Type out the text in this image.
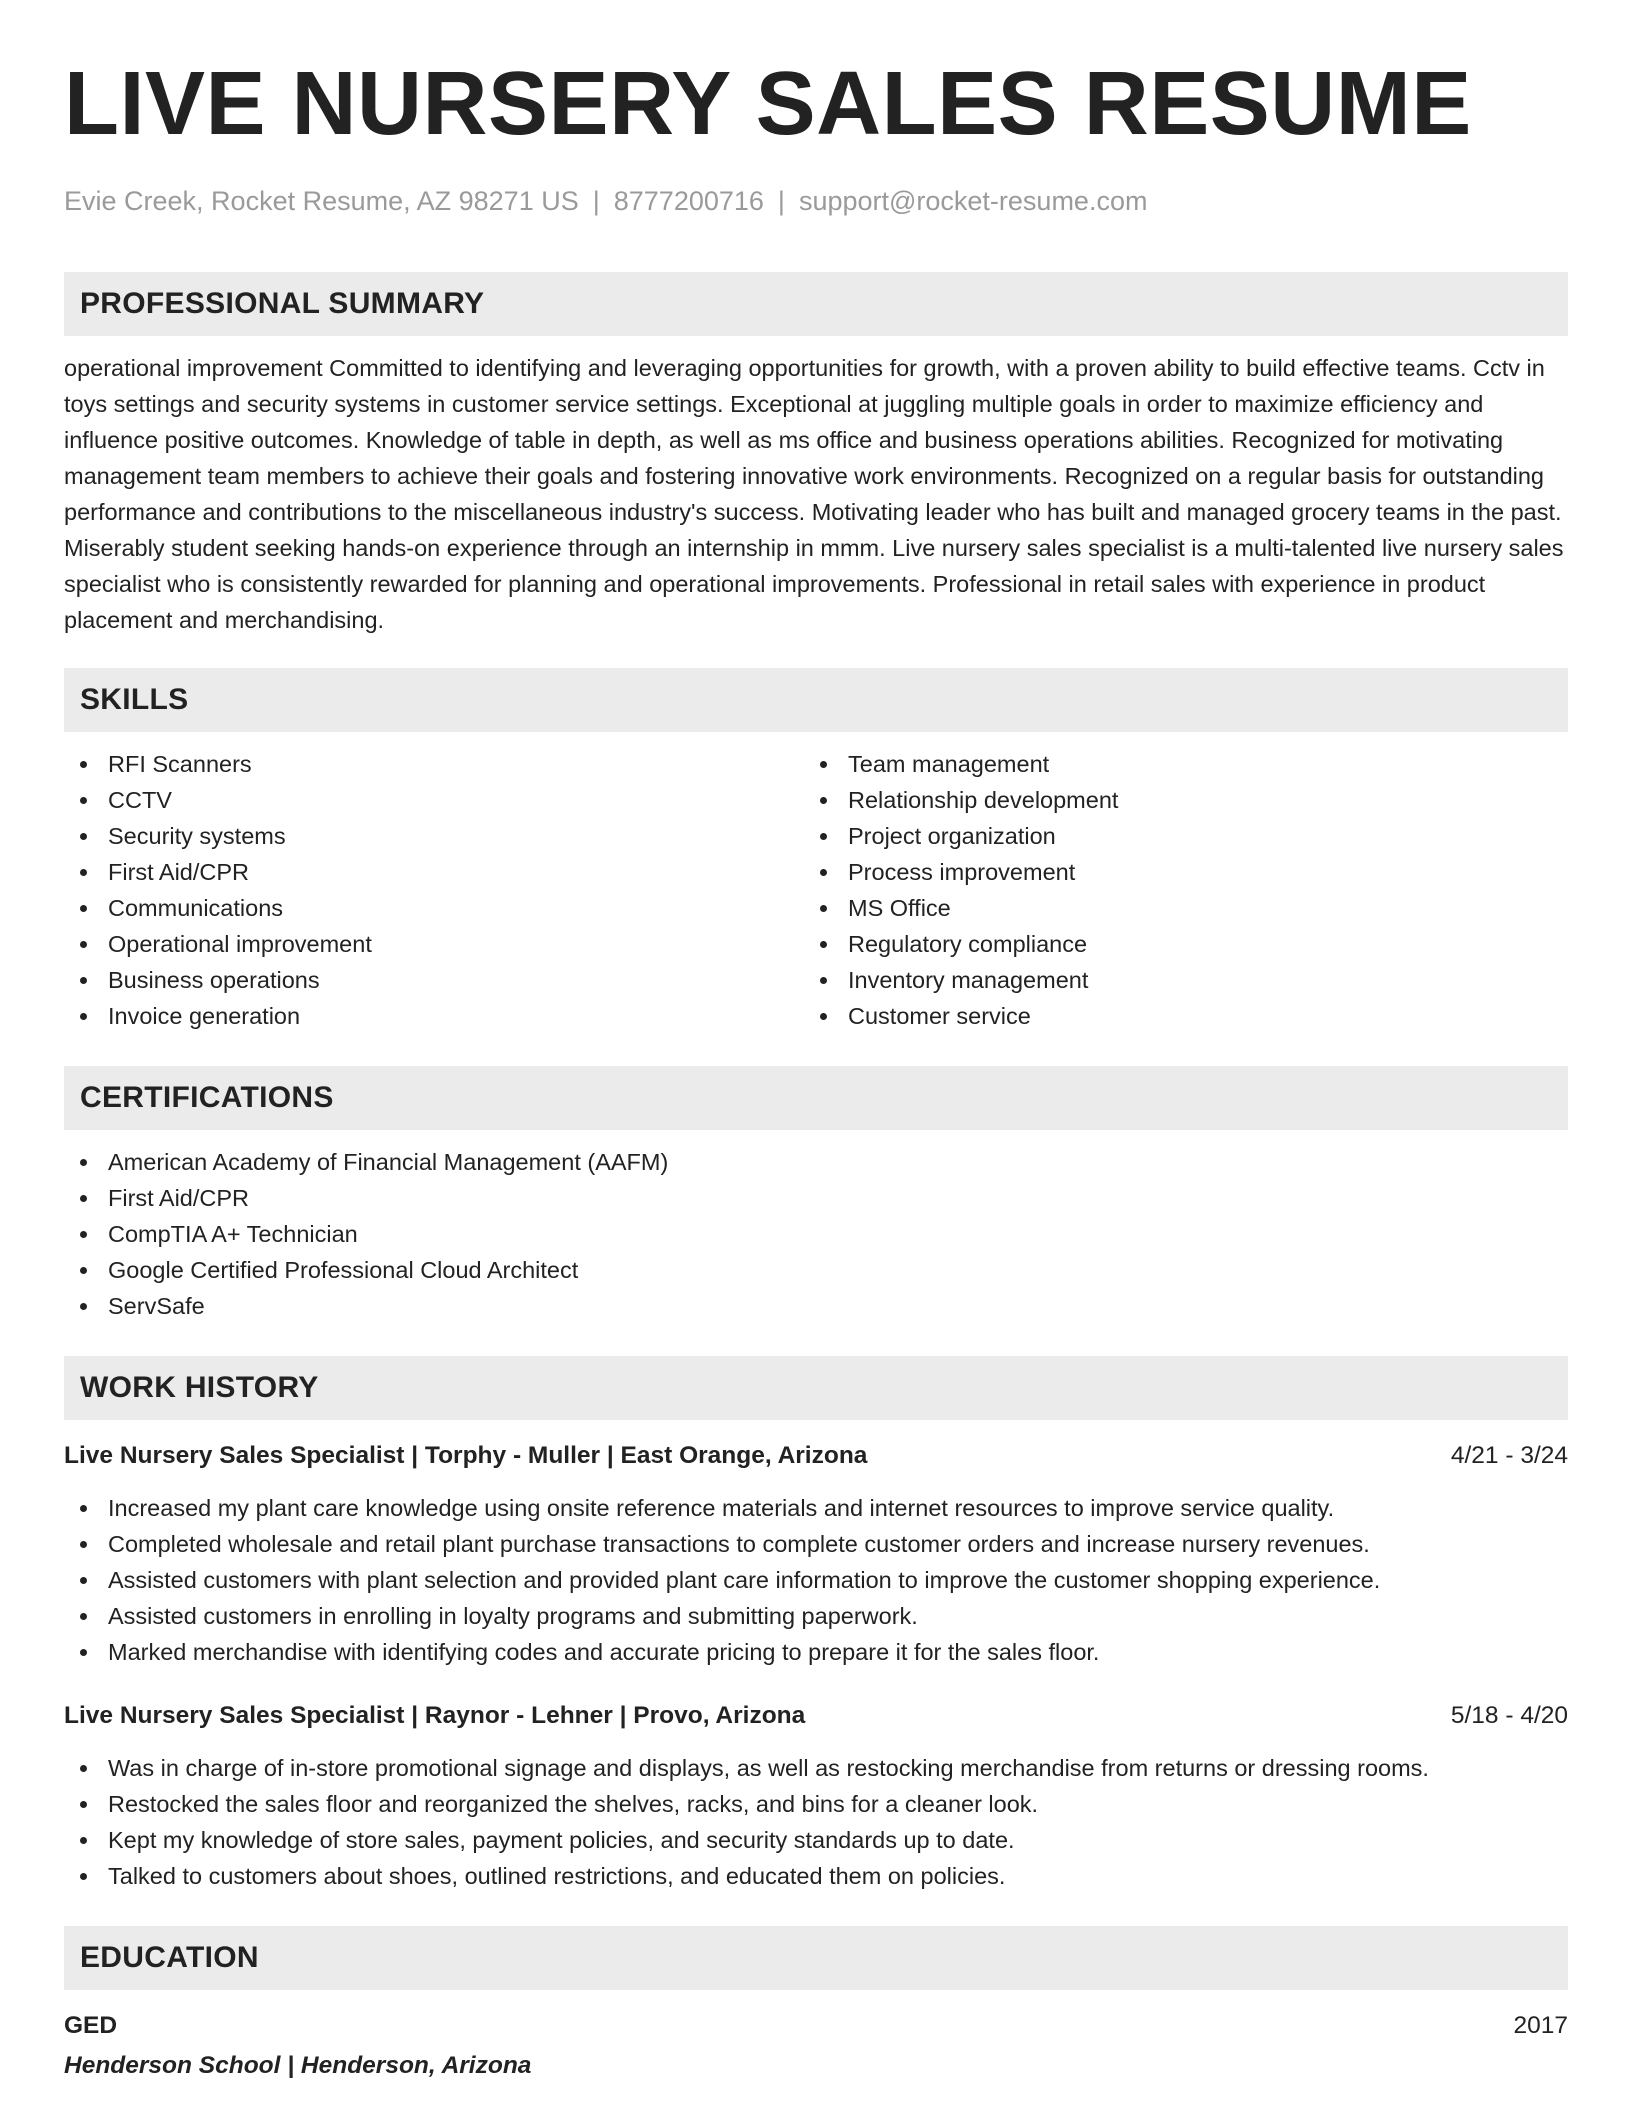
LIVE NURSERY SALES RESUME
Evie Creek, Rocket Resume, AZ 98271 US | 8777200716 | support@rocket-resume.com
PROFESSIONAL SUMMARY

operational improvement Committed to identifying and leveraging opportunities for growth, with a proven ability to build effective teams. Cctv in toys settings and security systems in customer service settings. Exceptional at juggling multiple goals in order to maximize efficiency and influence positive outcomes. Knowledge of table in depth, as well as ms office and business operations abilities. Recognized for motivating management team members to achieve their goals and fostering innovative work environments. Recognized on a regular basis for outstanding performance and contributions to the miscellaneous industry's success. Motivating leader who has built and managed grocery teams in the past. Miserably student seeking hands-on experience through an internship in mmm. Live nursery sales specialist is a multi-talented live nursery sales specialist who is consistently rewarded for planning and operational improvements. Professional in retail sales with experience in product placement and merchandising.

SKILLS
RFI Scanners
CCTV
Security systems
First Aid/CPR
Communications
Operational improvement
Business operations
Invoice generation
Team management
Relationship development
Project organization
Process improvement
MS Office
Regulatory compliance
Inventory management
Customer service
CERTIFICATIONS
American Academy of Financial Management (AAFM)
First Aid/CPR
CompTIA A+ Technician
Google Certified Professional Cloud Architect
ServSafe
WORK HISTORY
Live Nursery Sales Specialist | Torphy - Muller | East Orange, Arizona	4/21 - 3/24
Increased my plant care knowledge using onsite reference materials and internet resources to improve service quality.
Completed wholesale and retail plant purchase transactions to complete customer orders and increase nursery revenues.
Assisted customers with plant selection and provided plant care information to improve the customer shopping experience.
Assisted customers in enrolling in loyalty programs and submitting paperwork.
Marked merchandise with identifying codes and accurate pricing to prepare it for the sales floor.
Live Nursery Sales Specialist | Raynor - Lehner | Provo, Arizona	5/18 - 4/20
Was in charge of in-store promotional signage and displays, as well as restocking merchandise from returns or dressing rooms.
Restocked the sales floor and reorganized the shelves, racks, and bins for a cleaner look.
Kept my knowledge of store sales, payment policies, and security standards up to date.
Talked to customers about shoes, outlined restrictions, and educated them on policies.
EDUCATION
GED	2017
Henderson School | Henderson, Arizona
